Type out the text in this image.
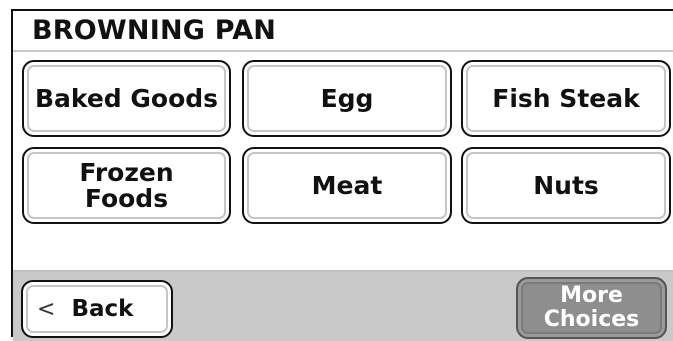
BROWNING PAN
Baked Goods	Egg	Fish Steak
Frozen
Foods	Meat	Nuts
< Back
More
Choices
